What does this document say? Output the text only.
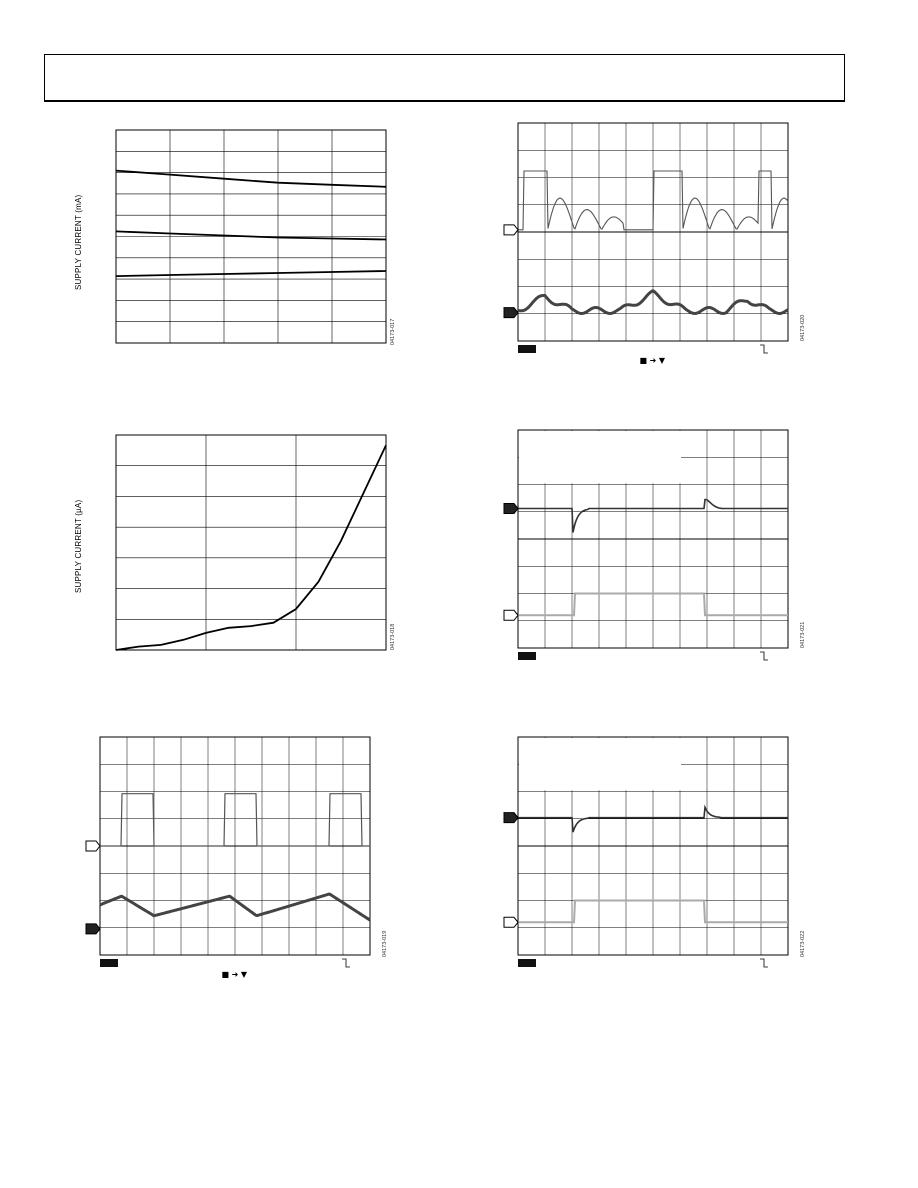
SUPPLY CURRENT (mA)
04173-017
SUPPLY CURRENT (µA)
04173-018
■ ➜ ▼
04173-020
04173-021
■ ➜ ▼
04173-019	04173-022
